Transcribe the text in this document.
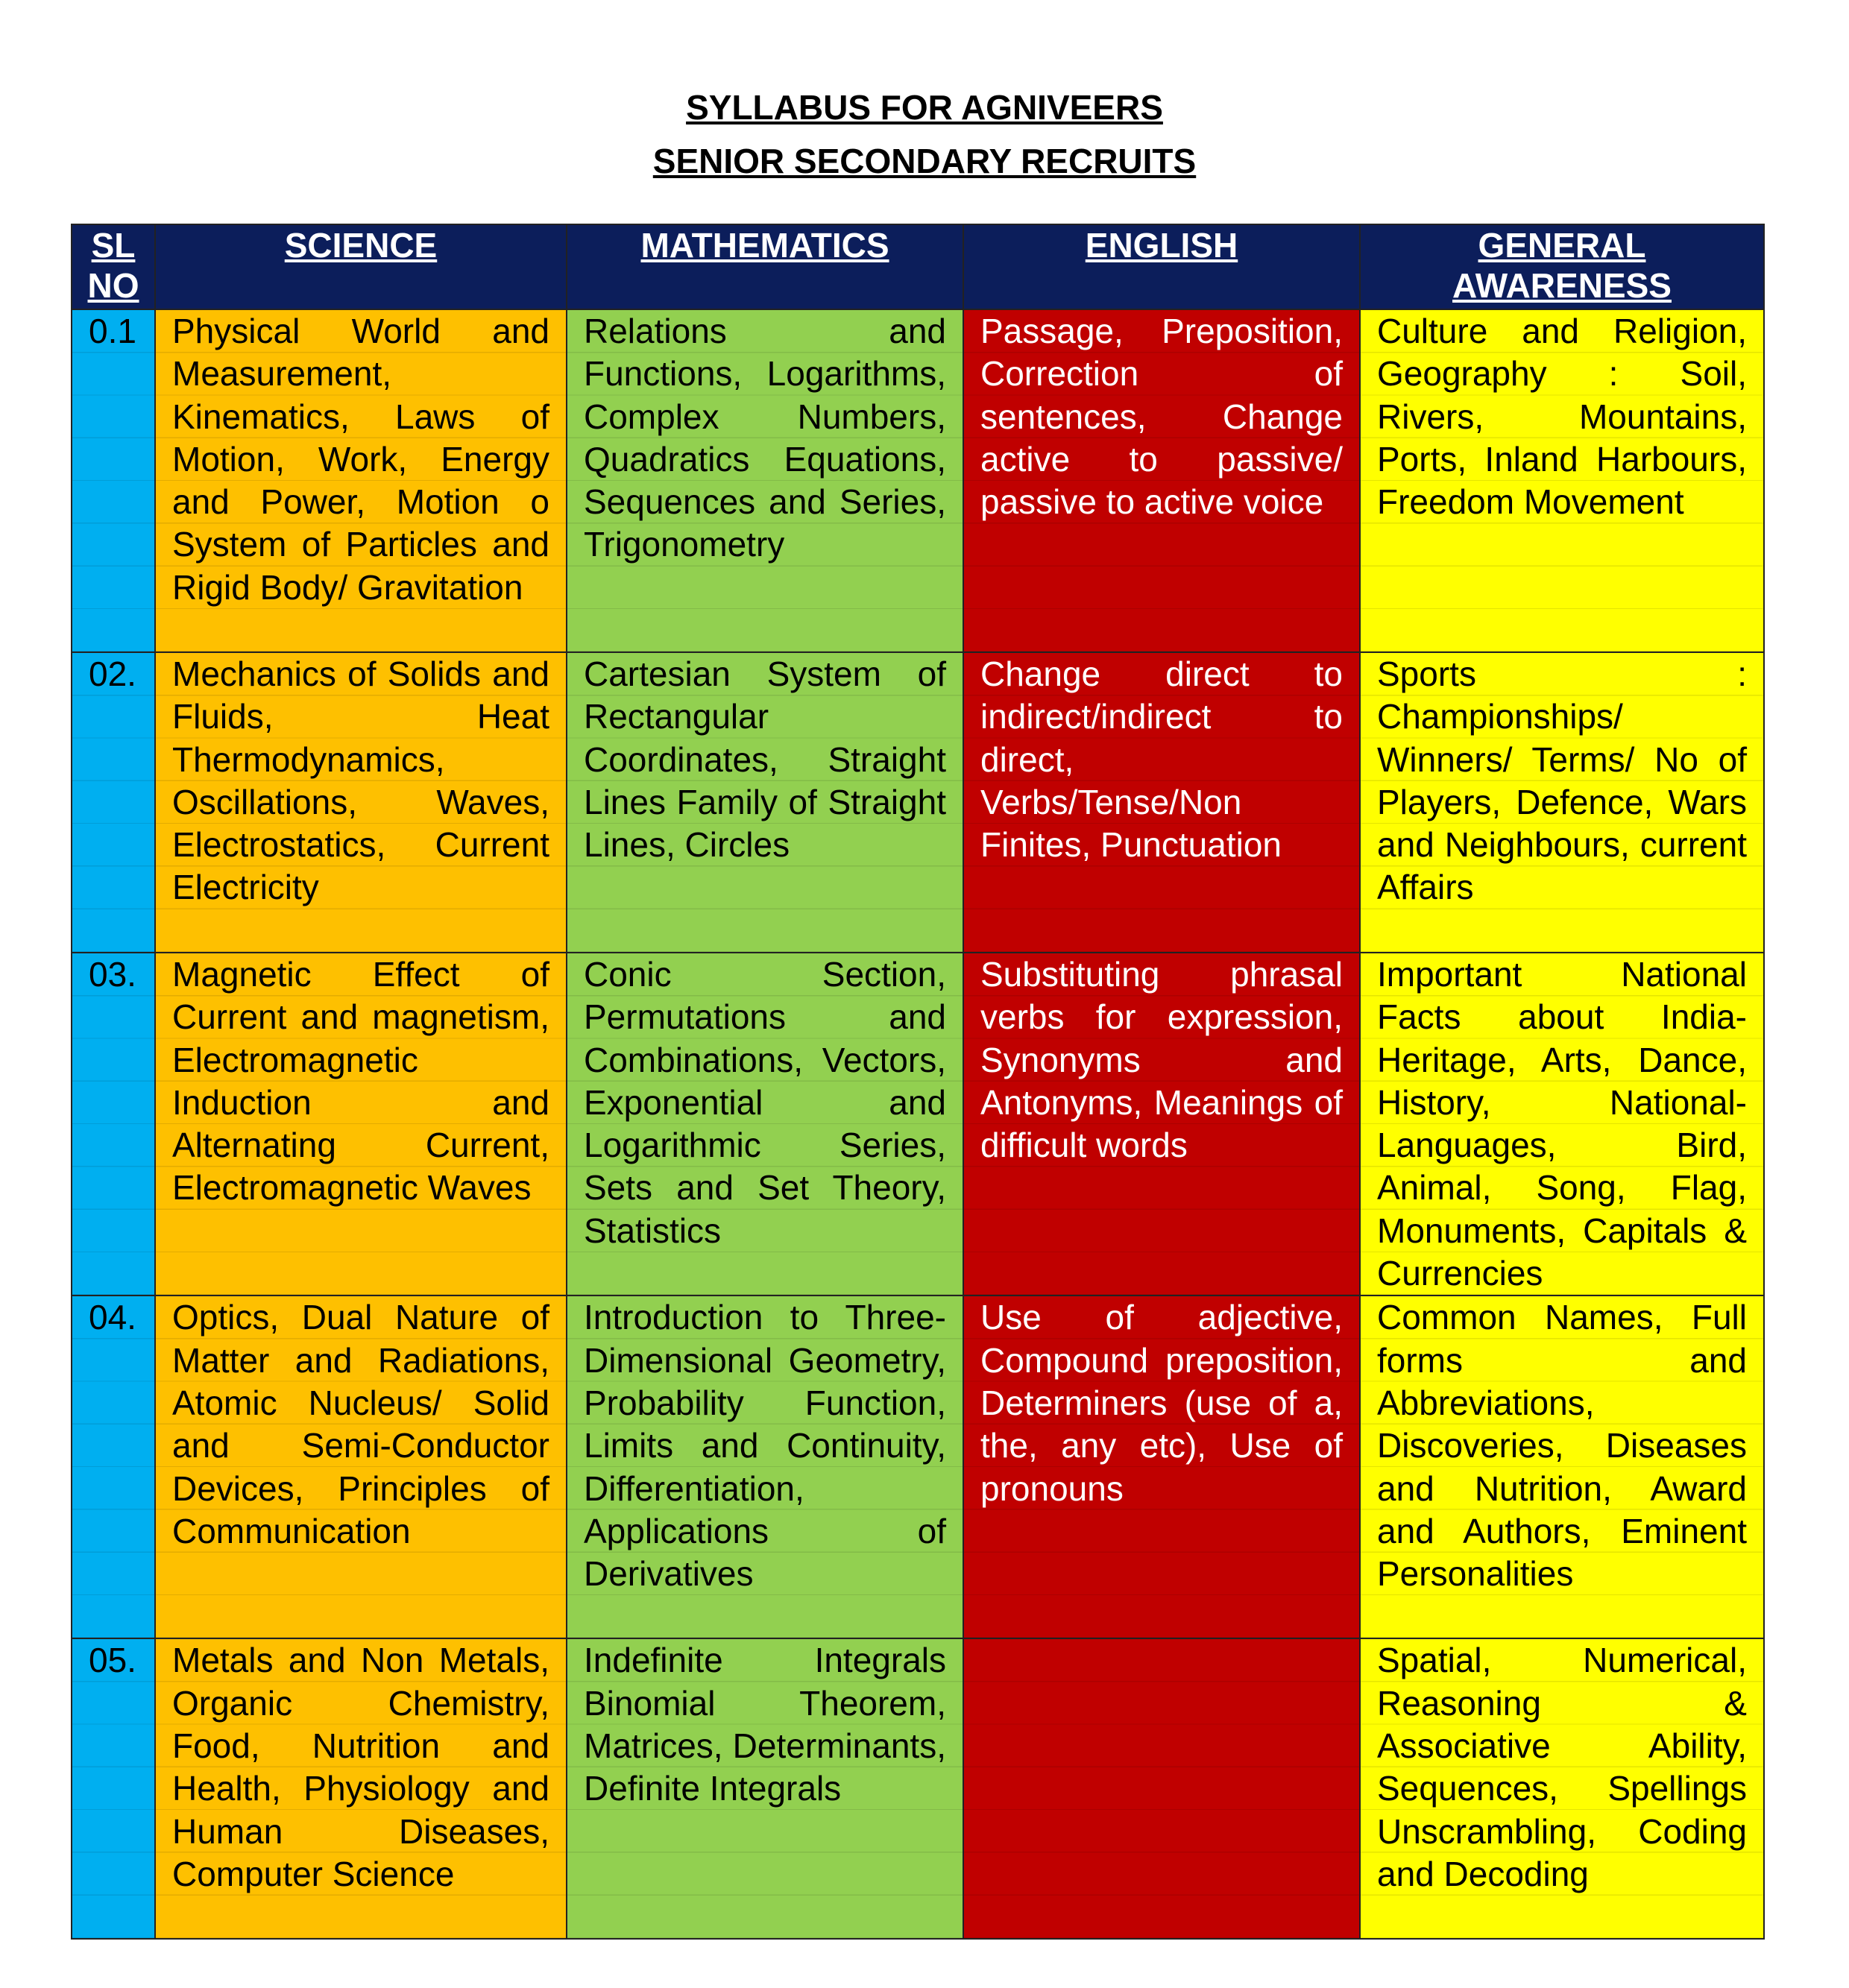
SYLLABUS FOR AGNIVEERS

SENIOR SECONDARY RECRUITS

SL
NO	SCIENCE	MATHEMATICS	ENGLISH	GENERAL AWARENESS
0.1	Physical World and Measurement, Kinematics, Laws of Motion, Work, Energy and Power, Motion o System of Particles and Rigid Body/ Gravitation	Relations and Functions, Logarithms, Complex Numbers, Quadratics Equations, Sequences and Series, Trigonometry	Passage, Preposition, Correction of sentences, Change active to passive/ passive to active voice	Culture and Religion, Geography : Soil, Rivers, Mountains, Ports, Inland Harbours, Freedom Movement
02.	Mechanics of Solids and Fluids, Heat Thermodynamics, Oscillations, Waves, Electrostatics, Current Electricity	Cartesian System of Rectangular Coordinates, Straight Lines Family of Straight Lines, Circles	Change direct to indirect/indirect to direct, Verbs/Tense/Non Finites, Punctuation	Sports : Championships/ Winners/ Terms/ No of Players, Defence, Wars and Neighbours, current Affairs
03.	Magnetic Effect of Current and magnetism, Electromagnetic Induction and Alternating Current, Electromagnetic Waves	Conic Section, Permutations and Combinations, Vectors, Exponential and Logarithmic Series, Sets and Set Theory, Statistics	Substituting phrasal verbs for expression, Synonyms and Antonyms, Meanings of difficult words	Important National Facts about India- Heritage, Arts, Dance, History, National-Languages, Bird, Animal, Song, Flag, Monuments, Capitals & Currencies
04.	Optics, Dual Nature of Matter and Radiations, Atomic Nucleus/ Solid and Semi-Conductor Devices, Principles of Communication	Introduction to Three-Dimensional Geometry, Probability Function, Limits and Continuity, Differentiation, Applications of Derivatives	Use of adjective, Compound preposition, Determiners (use of a, the, any etc), Use of pronouns	Common Names, Full forms and Abbreviations, Discoveries, Diseases and Nutrition, Award and Authors, Eminent Personalities
05.	Metals and Non Metals, Organic Chemistry, Food, Nutrition and Health, Physiology and Human Diseases, Computer Science	Indefinite Integrals Binomial Theorem, Matrices, Determinants, Definite Integrals		Spatial, Numerical, Reasoning & Associative Ability, Sequences, Spellings Unscrambling, Coding and Decoding
